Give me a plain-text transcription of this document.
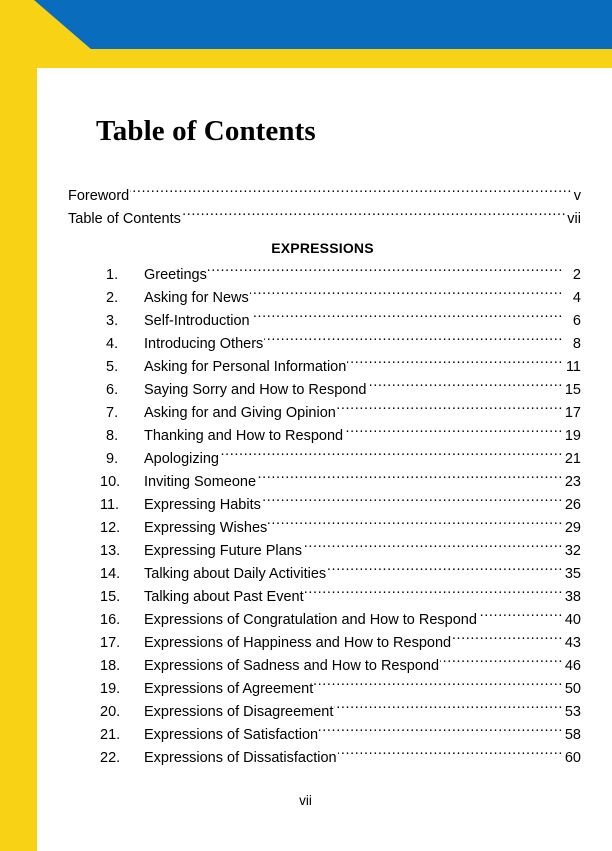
Table of Contents
Foreword .....	v
Table of Contents .....	vii
EXPRESSIONS
1.	Greetings .....	2
2.	Asking for News .....	4
3.	Self-Introduction .....	6
4.	Introducing Others .....	8
5.	Asking for Personal Information .....	11
6.	Saying Sorry and How to Respond .....	15
7.	Asking for and Giving Opinion .....	17
8.	Thanking and How to Respond .....	19
9.	Apologizing .....	21
10.	Inviting Someone .....	23
11.	Expressing Habits .....	26
12.	Expressing Wishes .....	29
13.	Expressing Future Plans .....	32
14.	Talking about Daily Activities .....	35
15.	Talking about Past Event .....	38
16.	Expressions of Congratulation and How to Respond .....	40
17.	Expressions of Happiness and How to Respond .....	43
18.	Expressions of Sadness and How to Respond .....	46
19.	Expressions of Agreement .....	50
20.	Expressions of Disagreement .....	53
21.	Expressions of Satisfaction .....	58
22.	Expressions of Dissatisfaction .....	60
vii
